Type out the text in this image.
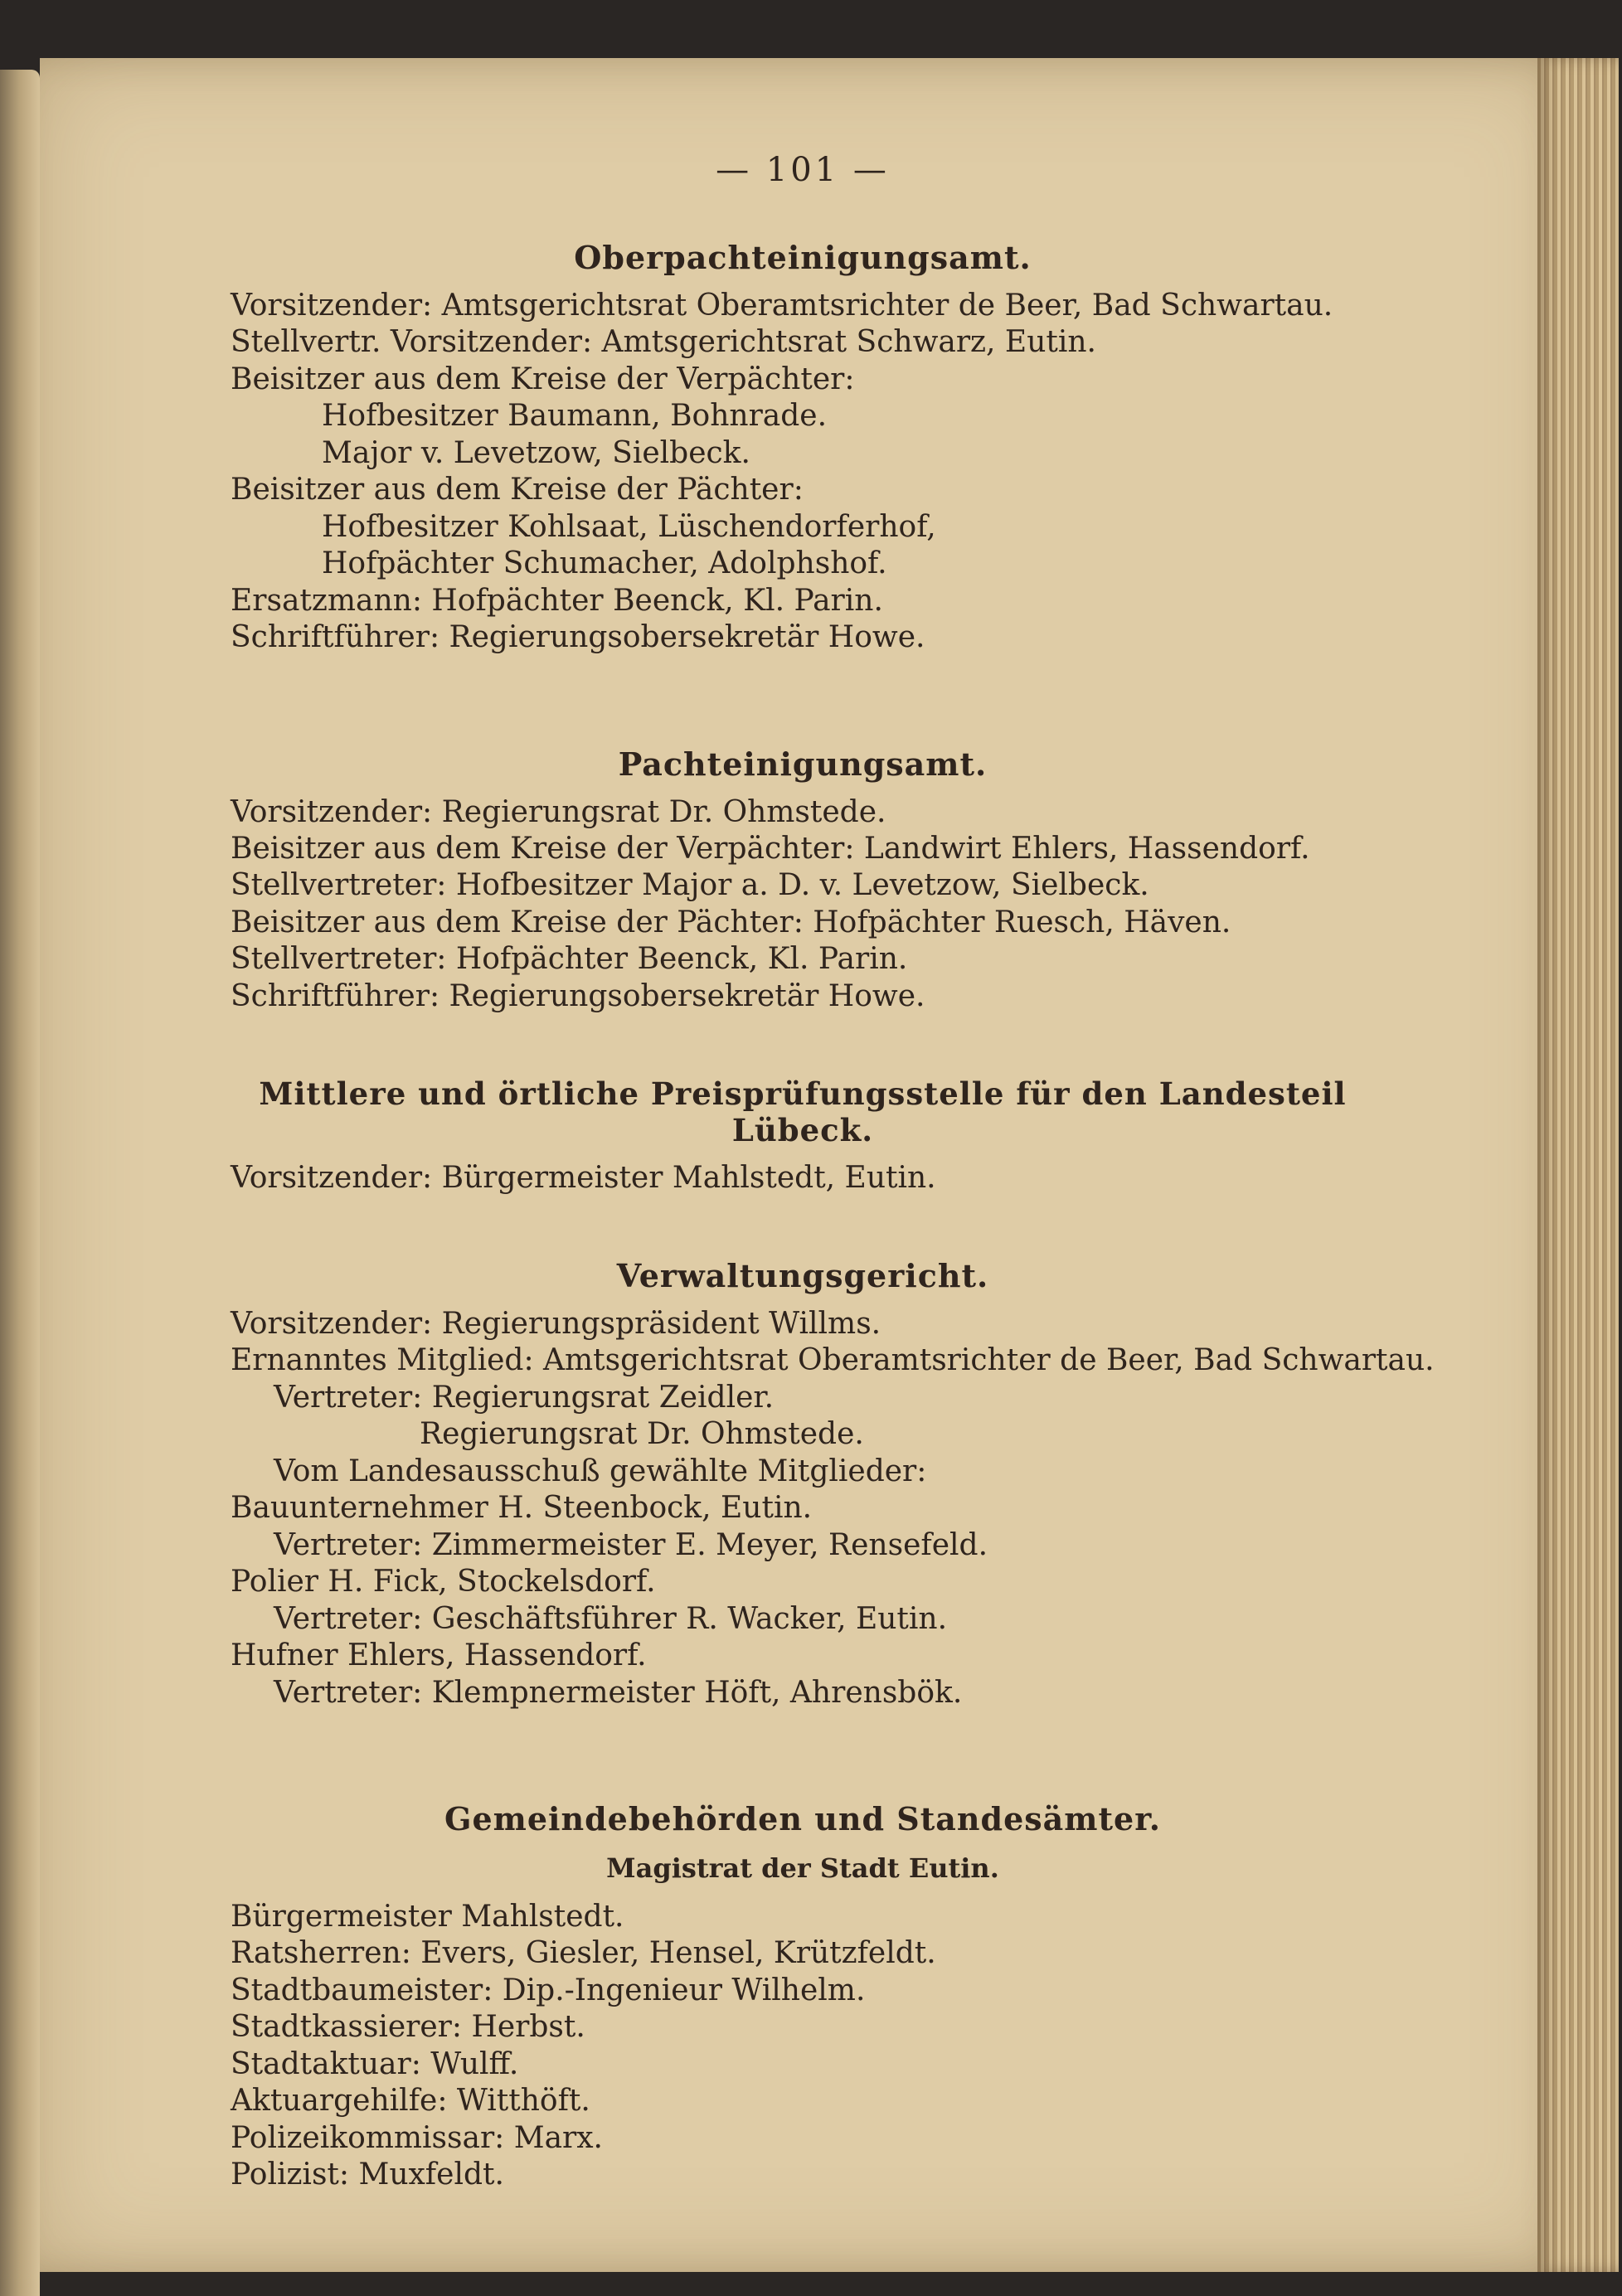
— 101 —
Oberpachteinigungsamt.
Vorsitzender: Amtsgerichtsrat Oberamtsrichter de Beer, Bad Schwartau.
Stellvertr. Vorsitzender: Amtsgerichtsrat Schwarz, Eutin.
Beisitzer aus dem Kreise der Verpächter:
Hofbesitzer Baumann, Bohnrade.
Major v. Levetzow, Sielbeck.
Beisitzer aus dem Kreise der Pächter:
Hofbesitzer Kohlsaat, Lüschendorferhof,
Hofpächter Schumacher, Adolphshof.
Ersatzmann: Hofpächter Beenck, Kl. Parin.
Schriftführer: Regierungsobersekretär Howe.
Pachteinigungsamt.
Vorsitzender: Regierungsrat Dr. Ohmstede.
Beisitzer aus dem Kreise der Verpächter: Landwirt Ehlers, Hassendorf.
Stellvertreter: Hofbesitzer Major a. D. v. Levetzow, Sielbeck.
Beisitzer aus dem Kreise der Pächter: Hofpächter Ruesch, Häven.
Stellvertreter: Hofpächter Beenck, Kl. Parin.
Schriftführer: Regierungsobersekretär Howe.
Mittlere und örtliche Preisprüfungsstelle für den Landesteil Lübeck.
Vorsitzender: Bürgermeister Mahlstedt, Eutin.
Verwaltungsgericht.
Vorsitzender: Regierungspräsident Willms.
Ernanntes Mitglied: Amtsgerichtsrat Oberamtsrichter de Beer, Bad Schwartau.
Vertreter: Regierungsrat Zeidler.
Regierungsrat Dr. Ohmstede.
Vom Landesausschuß gewählte Mitglieder:
Bauunternehmer H. Steenbock, Eutin.
Vertreter: Zimmermeister E. Meyer, Rensefeld.
Polier H. Fick, Stockelsdorf.
Vertreter: Geschäftsführer R. Wacker, Eutin.
Hufner Ehlers, Hassendorf.
Vertreter: Klempnermeister Höft, Ahrensbök.
Gemeindebehörden und Standesämter.
Magistrat der Stadt Eutin.
Bürgermeister Mahlstedt.
Ratsherren: Evers, Giesler, Hensel, Krützfeldt.
Stadtbaumeister: Dip.-Ingenieur Wilhelm.
Stadtkassierer: Herbst.
Stadtaktuar: Wulff.
Aktuargehilfe: Witthöft.
Polizeikommissar: Marx.
Polizist: Muxfeldt.
